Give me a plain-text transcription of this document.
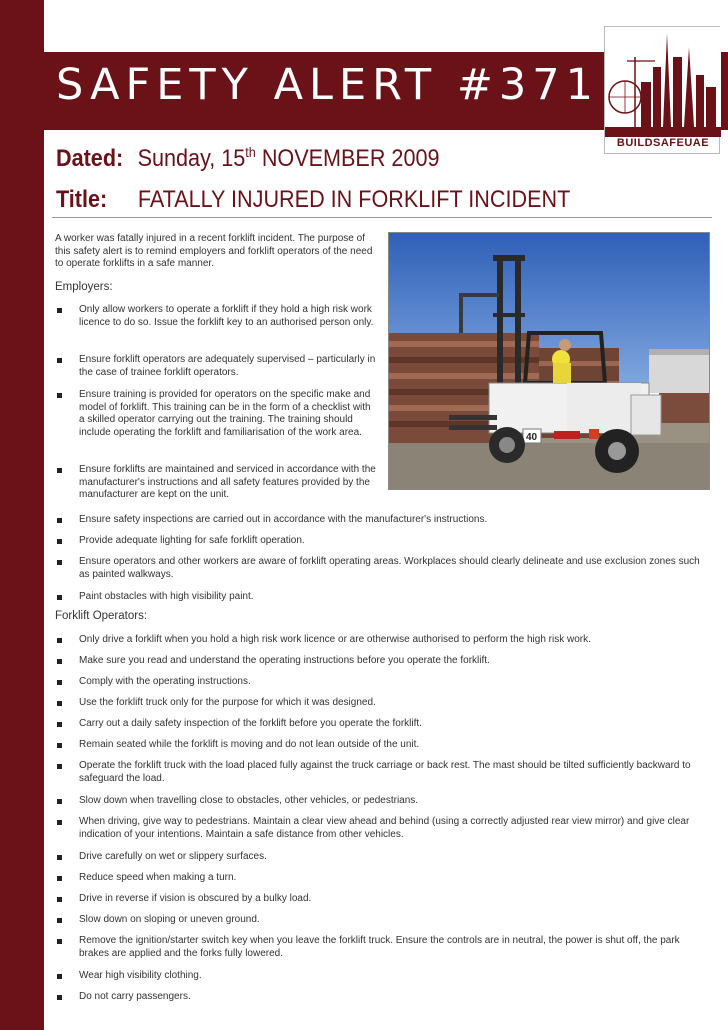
SAFETY ALERT #371
BUILDSAFEUAE
Dated: Sunday, 15th NOVEMBER 2009
Title: FATALLY INJURED IN FORKLIFT INCIDENT
A worker was fatally injured in a recent forklift incident. The purpose of this safety alert is to remind employers and forklift operators of the need to operate forklifts in a safe manner.
40
Employers:
Only allow workers to operate a forklift if they hold a high risk work licence to do so. Issue the forklift key to an authorised person only.
Ensure forklift operators are adequately supervised – particularly in the case of trainee forklift operators.
Ensure training is provided for operators on the specific make and model of forklift. This training can be in the form of a checklist with a skilled operator carrying out the training. The training should include operating the forklift and familiarisation of the work area.
Ensure forklifts are maintained and serviced in accordance with the manufacturer's instructions and all safety features provided by the manufacturer are kept on the unit.
Ensure safety inspections are carried out in accordance with the manufacturer's instructions.
Provide adequate lighting for safe forklift operation.
Ensure operators and other workers are aware of forklift operating areas. Workplaces should clearly delineate and use exclusion zones such as painted walkways.
Paint obstacles with high visibility paint.
Forklift Operators:
Only drive a forklift when you hold a high risk work licence or are otherwise authorised to perform the high risk work.
Make sure you read and understand the operating instructions before you operate the forklift.
Comply with the operating instructions.
Use the forklift truck only for the purpose for which it was designed.
Carry out a daily safety inspection of the forklift before you operate the forklift.
Remain seated while the forklift is moving and do not lean outside of the unit.
Operate the forklift truck with the load placed fully against the truck carriage or back rest. The mast should be tilted sufficiently backward to safeguard the load.
Slow down when travelling close to obstacles, other vehicles, or pedestrians.
When driving, give way to pedestrians. Maintain a clear view ahead and behind (using a correctly adjusted rear view mirror) and give clear indication of your intentions. Maintain a safe distance from other vehicles.
Drive carefully on wet or slippery surfaces.
Reduce speed when making a turn.
Drive in reverse if vision is obscured by a bulky load.
Slow down on sloping or uneven ground.
Remove the ignition/starter switch key when you leave the forklift truck. Ensure the controls are in neutral, the power is shut off, the park brakes are applied and the forks fully lowered.
Wear high visibility clothing.
Do not carry passengers.
